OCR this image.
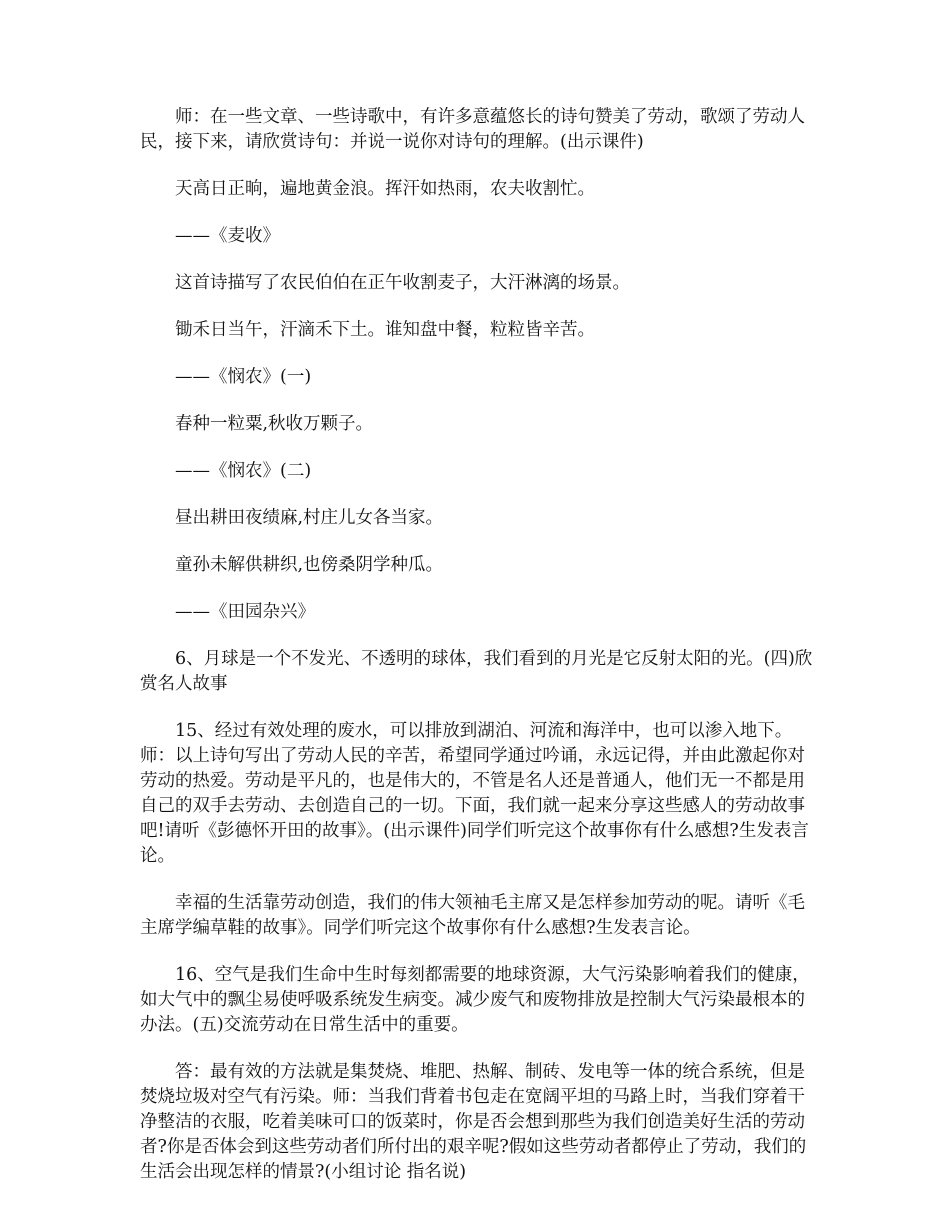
师：在一些文章、一些诗歌中，有许多意蕴悠长的诗句赞美了劳动，歌颂了劳动人民，接下来，请欣赏诗句：并说一说你对诗句的理解。(出示课件)

天高日正晌，遍地黄金浪。挥汗如热雨，农夫收割忙。

——《麦收》

这首诗描写了农民伯伯在正午收割麦子，大汗淋漓的场景。

锄禾日当午，汗滴禾下土。谁知盘中餐，粒粒皆辛苦。

——《悯农》(一)

春种一粒粟,秋收万颗子。

——《悯农》(二)

昼出耕田夜绩麻,村庄儿女各当家。

童孙未解供耕织,也傍桑阴学种瓜。

——《田园杂兴》

6、月球是一个不发光、不透明的球体，我们看到的月光是它反射太阳的光。(四)欣赏名人故事

15、经过有效处理的废水，可以排放到湖泊、河流和海洋中，也可以渗入地下。师：以上诗句写出了劳动人民的辛苦，希望同学通过吟诵，永远记得，并由此激起你对劳动的热爱。劳动是平凡的，也是伟大的，不管是名人还是普通人，他们无一不都是用自己的双手去劳动、去创造自己的一切。下面，我们就一起来分享这些感人的劳动故事吧!请听《彭德怀开田的故事》。(出示课件)同学们听完这个故事你有什么感想?生发表言论。

幸福的生活靠劳动创造，我们的伟大领袖毛主席又是怎样参加劳动的呢。请听《毛主席学编草鞋的故事》。同学们听完这个故事你有什么感想?生发表言论。

16、空气是我们生命中生时每刻都需要的地球资源，大气污染影响着我们的健康，如大气中的飘尘易使呼吸系统发生病变。减少废气和废物排放是控制大气污染最根本的办法。(五)交流劳动在日常生活中的重要。

答：最有效的方法就是集焚烧、堆肥、热解、制砖、发电等一体的统合系统，但是焚烧垃圾对空气有污染。师：当我们背着书包走在宽阔平坦的马路上时，当我们穿着干净整洁的衣服，吃着美味可口的饭菜时，你是否会想到那些为我们创造美好生活的劳动者?你是否体会到这些劳动者们所付出的艰辛呢?假如这些劳动者都停止了劳动，我们的生活会出现怎样的情景?(小组讨论 指名说)
